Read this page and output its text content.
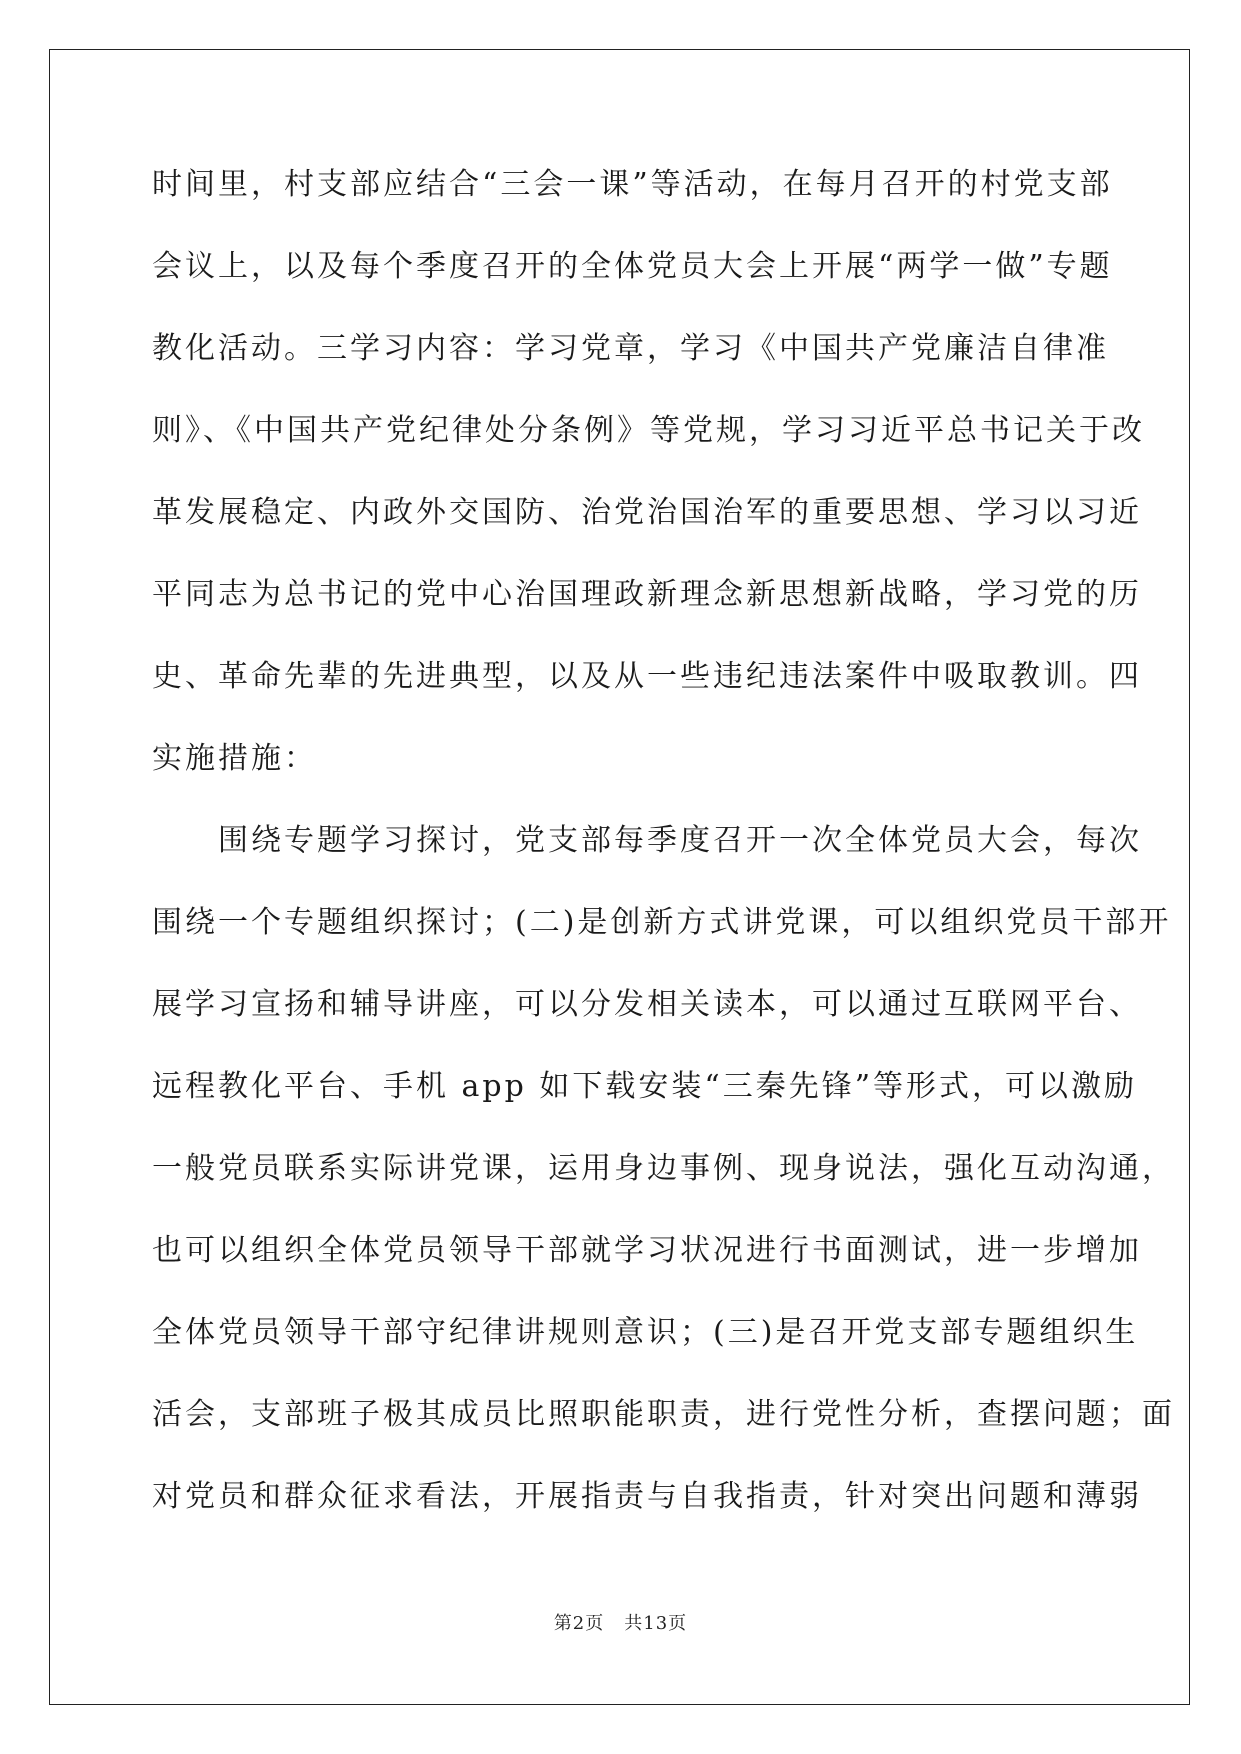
时间里，村支部应结合“三会一课”等活动，在每月召开的村党支部
会议上，以及每个季度召开的全体党员大会上开展“两学一做”专题
教化活动。三学习内容：学习党章，学习《中国共产党廉洁自律准
则》、《中国共产党纪律处分条例》等党规，学习习近平总书记关于改
革发展稳定、内政外交国防、治党治国治军的重要思想、学习以习近
平同志为总书记的党中心治国理政新理念新思想新战略，学习党的历
史、革命先辈的先进典型，以及从一些违纪违法案件中吸取教训。四
实施措施：
　　围绕专题学习探讨，党支部每季度召开一次全体党员大会，每次
围绕一个专题组织探讨；(二)是创新方式讲党课，可以组织党员干部开
展学习宣扬和辅导讲座，可以分发相关读本，可以通过互联网平台、
远程教化平台、手机 app 如下载安装“三秦先锋”等形式，可以激励
一般党员联系实际讲党课，运用身边事例、现身说法，强化互动沟通，
也可以组织全体党员领导干部就学习状况进行书面测试，进一步增加
全体党员领导干部守纪律讲规则意识；(三)是召开党支部专题组织生
活会，支部班子极其成员比照职能职责，进行党性分析，查摆问题；面
对党员和群众征求看法，开展指责与自我指责，针对突出问题和薄弱
第2页 共13页
